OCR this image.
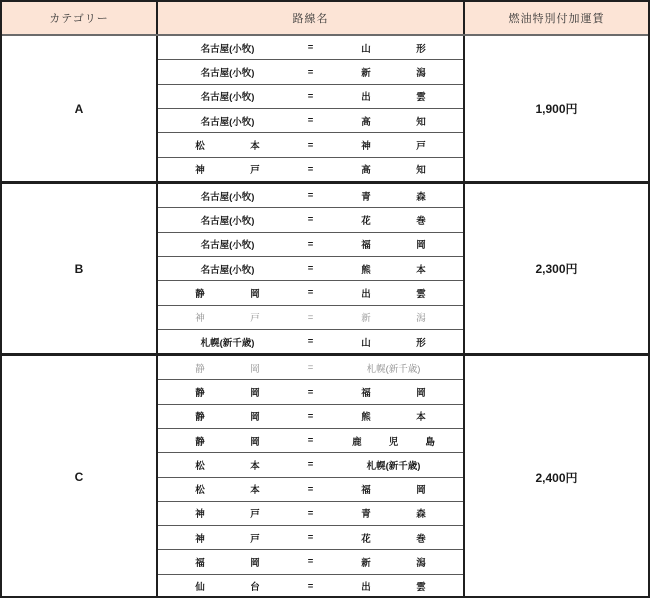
カテゴリー	路線名	燃油特別付加運賃
A
名古屋(小牧)	=	山	形
名古屋(小牧)	=	新	潟
名古屋(小牧)	=	出	雲
名古屋(小牧)	=	高	知
松	本	=	神	戸
神	戸	=	高	知
1,900円
B
名古屋(小牧)	=	青	森
名古屋(小牧)	=	花	巻
名古屋(小牧)	=	福	岡
名古屋(小牧)	=	熊	本
静	岡	=	出	雲
神	戸	=	新	潟
札幌(新千歳)	=	山	形
2,300円
C
静	岡	=	札幌(新千歳)
静	岡	=	福	岡
静	岡	=	熊	本
静	岡	=	鹿	児	島
松	本	=	札幌(新千歳)
松	本	=	福	岡
神	戸	=	青	森
神	戸	=	花	巻
福	岡	=	新	潟
仙	台	=	出	雲
2,400円
